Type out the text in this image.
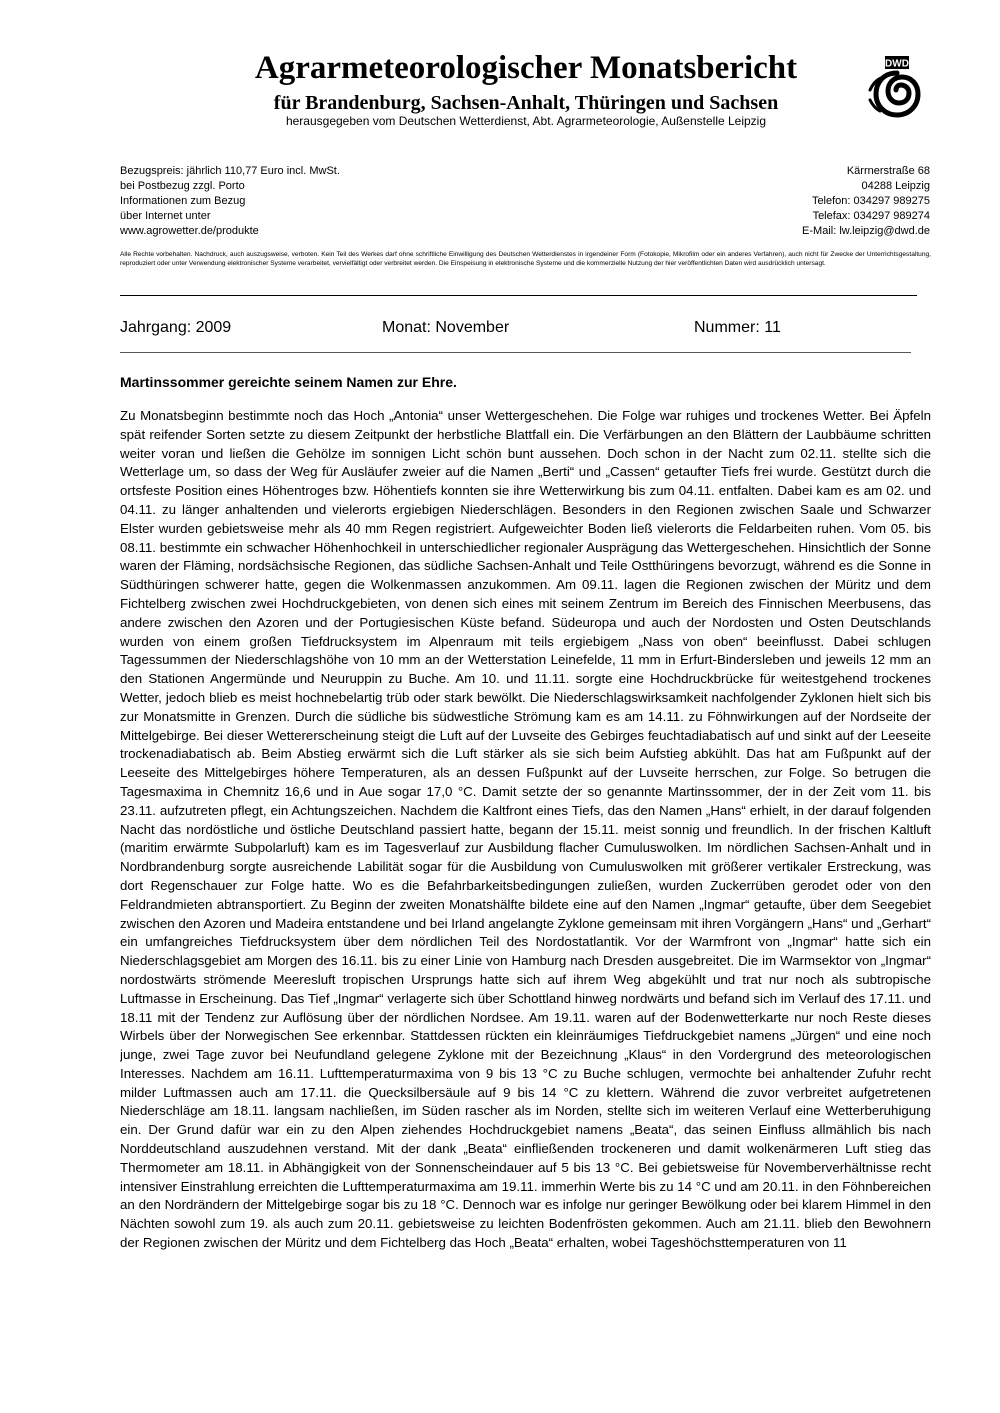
Agrarmeteorologischer Monatsbericht
für Brandenburg, Sachsen-Anhalt, Thüringen und Sachsen
herausgegeben vom Deutschen Wetterdienst, Abt. Agrarmeteorologie, Außenstelle Leipzig
DWD
Bezugspreis: jährlich 110,77 Euro incl. MwSt.
bei Postbezug zzgl. Porto
Informationen zum Bezug
über Internet unter
www.agrowetter.de/produkte
Kärrnerstraße 68
04288 Leipzig
Telefon: 034297 989275
Telefax: 034297 989274
E-Mail: lw.leipzig@dwd.de
Alle Rechte vorbehalten. Nachdruck, auch auszugsweise, verboten. Kein Teil des Werkes darf ohne schriftliche Einwilligung des Deutschen Wetterdienstes in irgendeiner Form (Fotokopie, Mikrofilm oder ein anderes Verfahren), auch nicht für Zwecke der Unterrichtsgestaltung, reproduziert oder unter Verwendung elektronischer Systeme verarbeitet, vervielfältigt oder verbreitet werden. Die Einspeisung in elektronische Systeme und die kommerzielle Nutzung der hier veröffentlichten Daten wird ausdrücklich untersagt.
Jahrgang: 2009	Monat: November	Nummer: 11
Martinssommer gereichte seinem Namen zur Ehre.
Zu Monatsbeginn bestimmte noch das Hoch „Antonia“ unser Wettergeschehen. Die Folge war ruhiges und trockenes Wetter. Bei Äpfeln spät reifender Sorten setzte zu diesem Zeitpunkt der herbstliche Blattfall ein. Die Verfärbungen an den Blättern der Laubbäume schritten weiter voran und ließen die Gehölze im sonnigen Licht schön bunt aussehen. Doch schon in der Nacht zum 02.11. stellte sich die Wetterlage um, so dass der Weg für Ausläufer zweier auf die Namen „Berti“ und „Cassen“ getaufter Tiefs frei wurde. Gestützt durch die ortsfeste Position eines Höhentroges bzw. Höhentiefs konnten sie ihre Wetterwirkung bis zum 04.11. entfalten. Dabei kam es am 02. und 04.11. zu länger anhaltenden und vielerorts ergiebigen Niederschlägen. Besonders in den Regionen zwischen Saale und Schwarzer Elster wurden gebietsweise mehr als 40 mm Regen registriert. Aufgeweichter Boden ließ vielerorts die Feldarbeiten ruhen. Vom 05. bis 08.11. bestimmte ein schwacher Höhenhochkeil in unterschiedlicher regionaler Ausprägung das Wettergeschehen. Hinsichtlich der Sonne waren der Fläming, nordsächsische Regionen, das südliche Sachsen-Anhalt und Teile Ostthüringens bevorzugt, während es die Sonne in Südthüringen schwerer hatte, gegen die Wolkenmassen anzukommen. Am 09.11. lagen die Regionen zwischen der Müritz und dem Fichtelberg zwischen zwei Hochdruckgebieten, von denen sich eines mit seinem Zentrum im Bereich des Finnischen Meerbusens, das andere zwischen den Azoren und der Portugiesischen Küste befand. Südeuropa und auch der Nordosten und Osten Deutschlands wurden von einem großen Tiefdrucksystem im Alpenraum mit teils ergiebigem „Nass von oben“ beeinflusst. Dabei schlugen Tagessummen der Niederschlagshöhe von 10 mm an der Wetterstation Leinefelde, 11 mm in Erfurt-Bindersleben und jeweils 12 mm an den Stationen Angermünde und Neuruppin zu Buche. Am 10. und 11.11. sorgte eine Hochdruckbrücke für weitestgehend trockenes Wetter, jedoch blieb es meist hochnebelartig trüb oder stark bewölkt. Die Niederschlagswirksamkeit nachfolgender Zyklonen hielt sich bis zur Monatsmitte in Grenzen. Durch die südliche bis südwestliche Strömung kam es am 14.11. zu Föhnwirkungen auf der Nordseite der Mittelgebirge. Bei dieser Wettererscheinung steigt die Luft auf der Luvseite des Gebirges feuchtadiabatisch auf und sinkt auf der Leeseite trockenadiabatisch ab. Beim Abstieg erwärmt sich die Luft stärker als sie sich beim Aufstieg abkühlt. Das hat am Fußpunkt auf der Leeseite des Mittelgebirges höhere Temperaturen, als an dessen Fußpunkt auf der Luvseite herrschen, zur Folge. So betrugen die Tagesmaxima in Chemnitz 16,6 und in Aue sogar 17,0 °C. Damit setzte der so genannte Martinssommer, der in der Zeit vom 11. bis 23.11. aufzutreten pflegt, ein Achtungszeichen. Nachdem die Kaltfront eines Tiefs, das den Namen „Hans“ erhielt, in der darauf folgenden Nacht das nordöstliche und östliche Deutschland passiert hatte, begann der 15.11. meist sonnig und freundlich. In der frischen Kaltluft (maritim erwärmte Subpolarluft) kam es im Tagesverlauf zur Ausbildung flacher Cumuluswolken. Im nördlichen Sachsen-Anhalt und in Nordbrandenburg sorgte ausreichende Labilität sogar für die Ausbildung von Cumuluswolken mit größerer vertikaler Erstreckung, was dort Regenschauer zur Folge hatte. Wo es die Befahrbarkeitsbedingungen zuließen, wurden Zuckerrüben gerodet oder von den Feldrandmieten abtransportiert. Zu Beginn der zweiten Monatshälfte bildete eine auf den Namen „Ingmar“ getaufte, über dem Seegebiet zwischen den Azoren und Madeira entstandene und bei Irland angelangte Zyklone gemeinsam mit ihren Vorgängern „Hans“ und „Gerhart“ ein umfangreiches Tiefdrucksystem über dem nördlichen Teil des Nordostatlantik. Vor der Warmfront von „Ingmar“ hatte sich ein Niederschlagsgebiet am Morgen des 16.11. bis zu einer Linie von Hamburg nach Dresden ausgebreitet. Die im Warmsektor von „Ingmar“ nordostwärts strömende Meeresluft tropischen Ursprungs hatte sich auf ihrem Weg abgekühlt und trat nur noch als subtropische Luftmasse in Erscheinung. Das Tief „Ingmar“ verlagerte sich über Schottland hinweg nordwärts und befand sich im Verlauf des 17.11. und 18.11 mit der Tendenz zur Auflösung über der nördlichen Nordsee. Am 19.11. waren auf der Bodenwetterkarte nur noch Reste dieses Wirbels über der Norwegischen See erkennbar. Stattdessen rückten ein kleinräumiges Tiefdruckgebiet namens „Jürgen“ und eine noch junge, zwei Tage zuvor bei Neufundland gelegene Zyklone mit der Bezeichnung „Klaus“ in den Vordergrund des meteorologischen Interesses. Nachdem am 16.11. Lufttemperaturmaxima von 9 bis 13 °C zu Buche schlugen, vermochte bei anhaltender Zufuhr recht milder Luftmassen auch am 17.11. die Quecksilbersäule auf 9 bis 14 °C zu klettern. Während die zuvor verbreitet aufgetretenen Niederschläge am 18.11. langsam nachließen, im Süden rascher als im Norden, stellte sich im weiteren Verlauf eine Wetterberuhigung ein. Der Grund dafür war ein zu den Alpen ziehendes Hochdruckgebiet namens „Beata“, das seinen Einfluss allmählich bis nach Norddeutschland auszudehnen verstand. Mit der dank „Beata“ einfließenden trockeneren und damit wolkenärmeren Luft stieg das Thermometer am 18.11. in Abhängigkeit von der Sonnenscheindauer auf 5 bis 13 °C. Bei gebietsweise für Novemberverhältnisse recht intensiver Einstrahlung erreichten die Lufttemperaturmaxima am 19.11. immerhin Werte bis zu 14 °C und am 20.11. in den Föhnbereichen an den Nordrändern der Mittelgebirge sogar bis zu 18 °C. Dennoch war es infolge nur geringer Bewölkung oder bei klarem Himmel in den Nächten sowohl zum 19. als auch zum 20.11. gebietsweise zu leichten Bodenfrösten gekommen. Auch am 21.11. blieb den Bewohnern der Regionen zwischen der Müritz und dem Fichtelberg das Hoch „Beata“ erhalten, wobei Tageshöchsttemperaturen von 11
